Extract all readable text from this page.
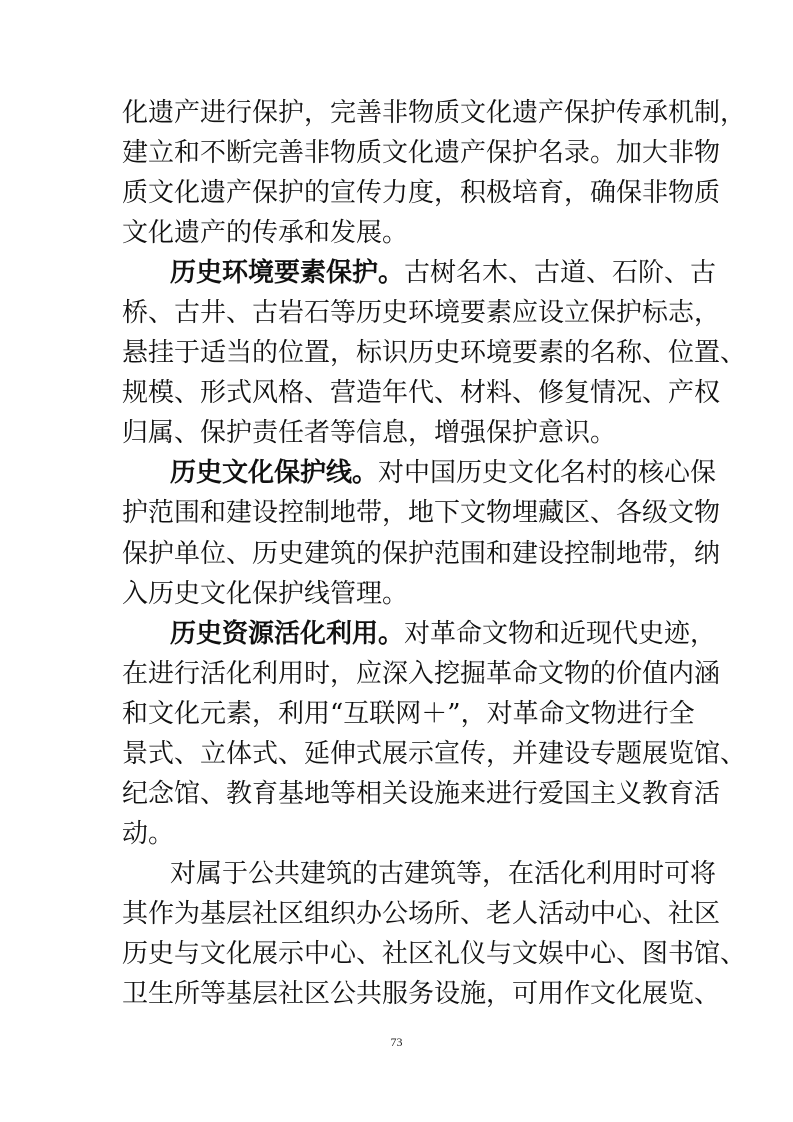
化遗产进行保护，完善非物质文化遗产保护传承机制，
建立和不断完善非物质文化遗产保护名录。加大非物
质文化遗产保护的宣传力度，积极培育，确保非物质
文化遗产的传承和发展。
历史环境要素保护。古树名木、古道、石阶、古
桥、古井、古岩石等历史环境要素应设立保护标志，
悬挂于适当的位置，标识历史环境要素的名称、位置、
规模、形式风格、营造年代、材料、修复情况、产权
归属、保护责任者等信息，增强保护意识。
历史文化保护线。对中国历史文化名村的核心保
护范围和建设控制地带，地下文物埋藏区、各级文物
保护单位、历史建筑的保护范围和建设控制地带，纳
入历史文化保护线管理。
历史资源活化利用。对革命文物和近现代史迹，
在进行活化利用时，应深入挖掘革命文物的价值内涵
和文化元素，利用“互联网＋”，对革命文物进行全
景式、立体式、延伸式展示宣传，并建设专题展览馆、
纪念馆、教育基地等相关设施来进行爱国主义教育活
动。
对属于公共建筑的古建筑等，在活化利用时可将
其作为基层社区组织办公场所、老人活动中心、社区
历史与文化展示中心、社区礼仪与文娱中心、图书馆、
卫生所等基层社区公共服务设施，可用作文化展览、
73
